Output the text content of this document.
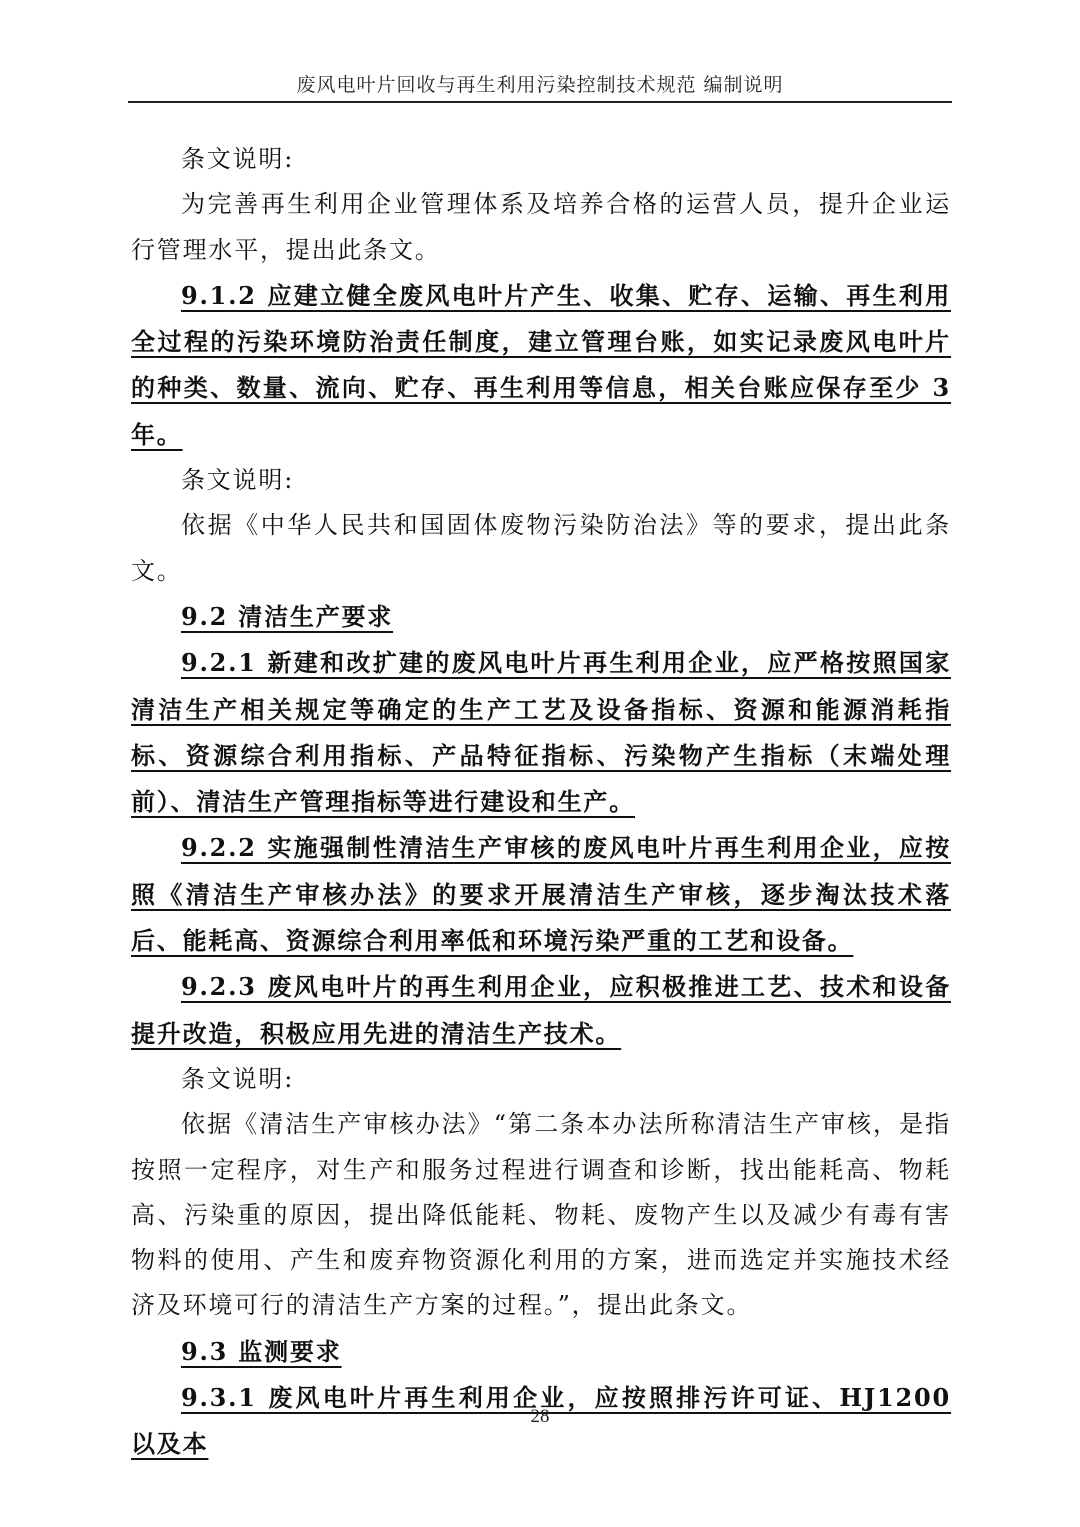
废风电叶片回收与再生利用污染控制技术规范 编制说明

条文说明:

为完善再生利用企业管理体系及培养合格的运营人员，提升企业运行管理水平，提出此条文。

9.1.2 应建立健全废风电叶片产生、收集、贮存、运输、再生利用全过程的污染环境防治责任制度，建立管理台账，如实记录废风电叶片的种类、数量、流向、贮存、再生利用等信息，相关台账应保存至少 3 年。

条文说明:

依据《中华人民共和国固体废物污染防治法》等的要求，提出此条文。

9.2 清洁生产要求

9.2.1 新建和改扩建的废风电叶片再生利用企业，应严格按照国家清洁生产相关规定等确定的生产工艺及设备指标、资源和能源消耗指标、资源综合利用指标、产品特征指标、污染物产生指标（末端处理前）、清洁生产管理指标等进行建设和生产。

9.2.2 实施强制性清洁生产审核的废风电叶片再生利用企业，应按照《清洁生产审核办法》的要求开展清洁生产审核，逐步淘汰技术落后、能耗高、资源综合利用率低和环境污染严重的工艺和设备。

9.2.3 废风电叶片的再生利用企业，应积极推进工艺、技术和设备提升改造，积极应用先进的清洁生产技术。

条文说明:

依据《清洁生产审核办法》“第二条本办法所称清洁生产审核，是指按照一定程序，对生产和服务过程进行调查和诊断，找出能耗高、物耗高、污染重的原因，提出降低能耗、物耗、废物产生以及减少有毒有害物料的使用、产生和废弃物资源化利用的方案，进而选定并实施技术经济及环境可行的清洁生产方案的过程。”，提出此条文。

9.3 监测要求

9.3.1 废风电叶片再生利用企业，应按照排污许可证、HJ1200 以及本

28
